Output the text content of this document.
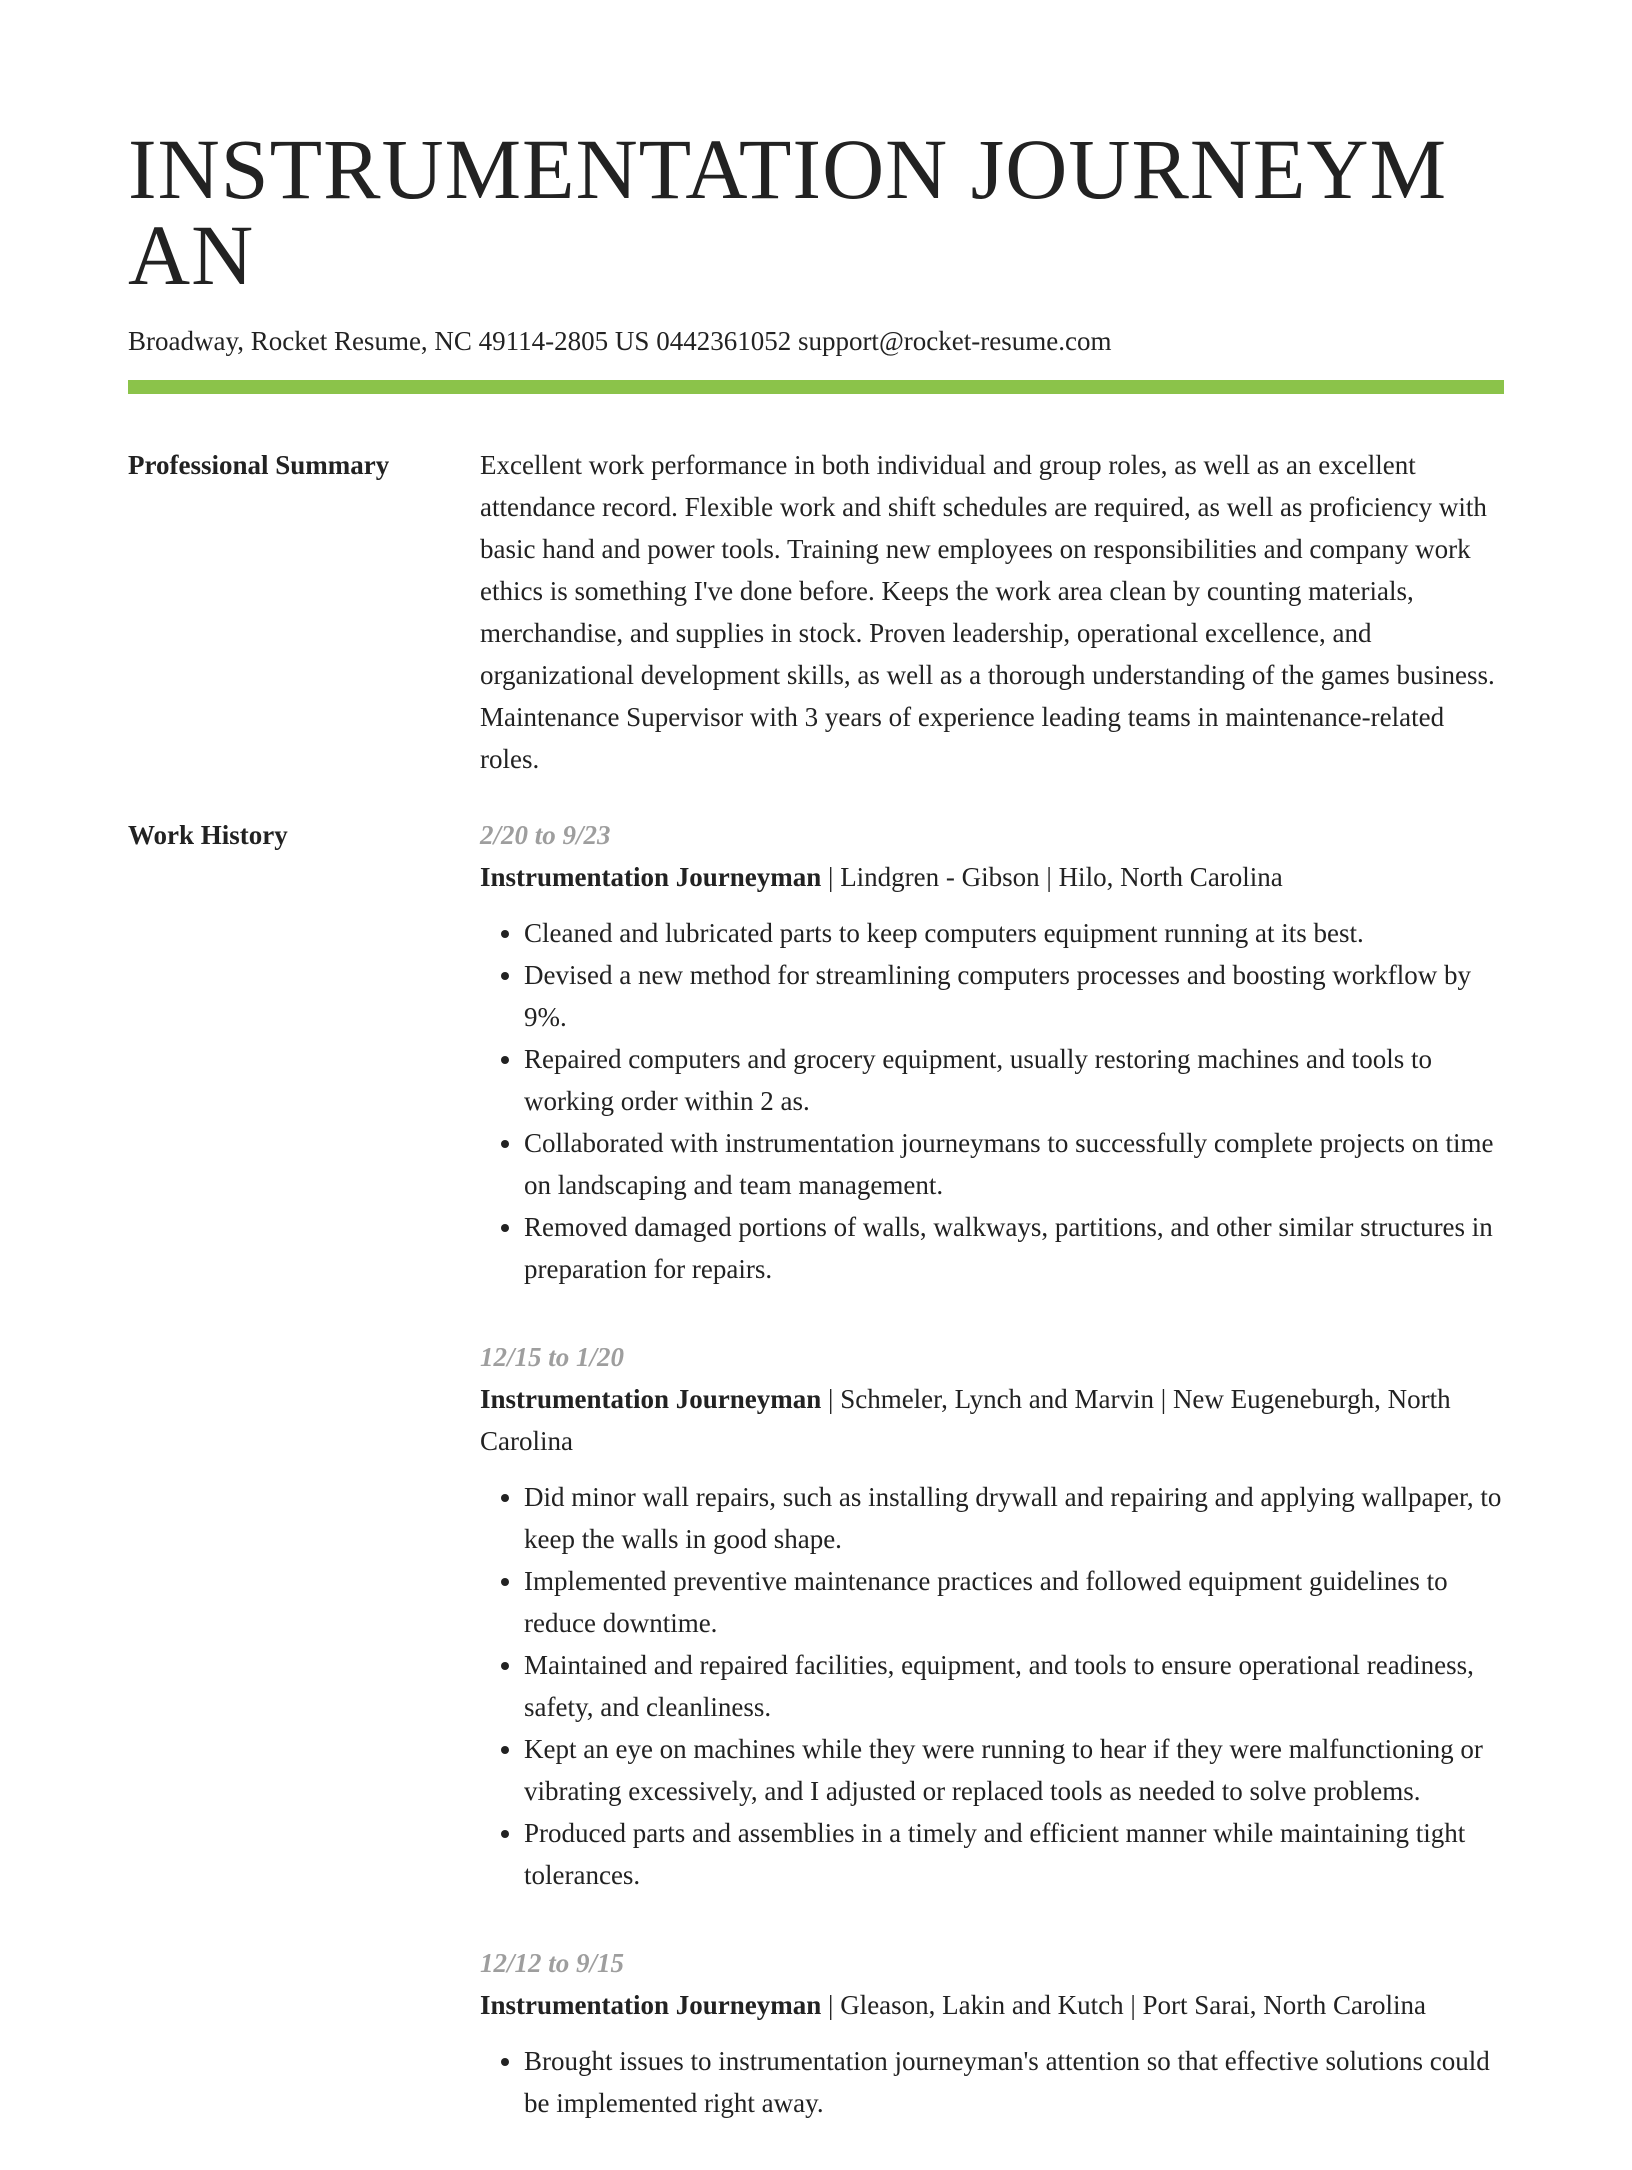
INSTRUMENTATION JOURNEYMAN
Broadway, Rocket Resume, NC 49114-2805 US 0442361052 support@rocket-resume.com
Professional Summary	Excellent work performance in both individual and group roles, as well as an excellent attendance record. Flexible work and shift schedules are required, as well as proficiency with basic hand and power tools. Training new employees on responsibilities and company work ethics is something I've done before. Keeps the work area clean by counting materials, merchandise, and supplies in stock. Proven leadership, operational excellence, and organizational development skills, as well as a thorough understanding of the games business. Maintenance Supervisor with 3 years of experience leading teams in maintenance-related roles.
Work History	2/20 to 9/23
Instrumentation Journeyman | Lindgren - Gibson | Hilo, North Carolina
• Cleaned and lubricated parts to keep computers equipment running at its best.
• Devised a new method for streamlining computers processes and boosting workflow by 9%.
• Repaired computers and grocery equipment, usually restoring machines and tools to working order within 2 as.
• Collaborated with instrumentation journeymans to successfully complete projects on time on landscaping and team management.
• Removed damaged portions of walls, walkways, partitions, and other similar structures in preparation for repairs.
12/15 to 1/20
Instrumentation Journeyman | Schmeler, Lynch and Marvin | New Eugeneburgh, North Carolina
• Did minor wall repairs, such as installing drywall and repairing and applying wallpaper, to keep the walls in good shape.
• Implemented preventive maintenance practices and followed equipment guidelines to reduce downtime.
• Maintained and repaired facilities, equipment, and tools to ensure operational readiness, safety, and cleanliness.
• Kept an eye on machines while they were running to hear if they were malfunctioning or vibrating excessively, and I adjusted or replaced tools as needed to solve problems.
• Produced parts and assemblies in a timely and efficient manner while maintaining tight tolerances.
12/12 to 9/15
Instrumentation Journeyman | Gleason, Lakin and Kutch | Port Sarai, North Carolina
• Brought issues to instrumentation journeyman's attention so that effective solutions could be implemented right away.
